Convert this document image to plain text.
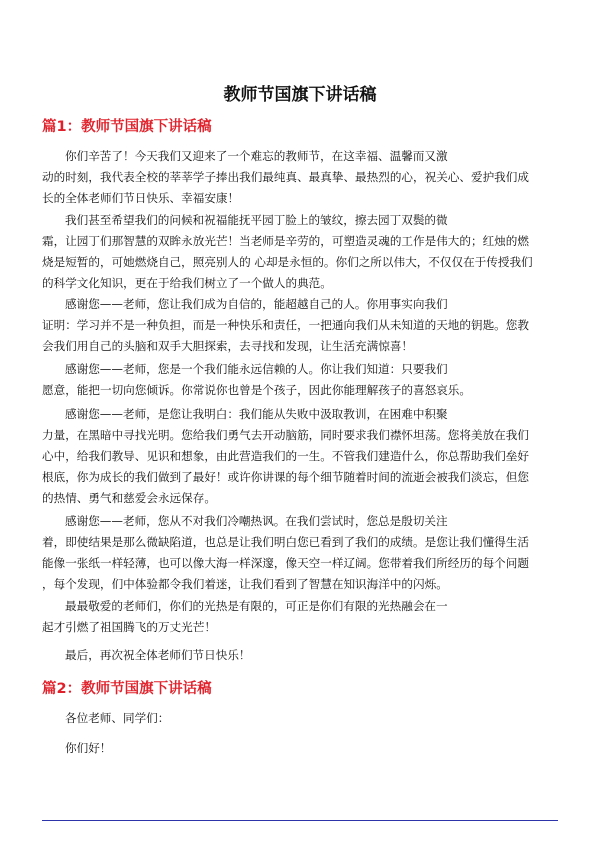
教师节国旗下讲话稿
篇1：教师节国旗下讲话稿
你们辛苦了！今天我们又迎来了一个难忘的教师节，在这幸福、温馨而又激
动的时刻，我代表全校的莘莘学子捧出我们最纯真、最真挚、最热烈的心，祝关心、爱护我们成
长的全体老师们节日快乐、幸福安康！
我们甚至希望我们的问候和祝福能抚平园丁脸上的皱纹，擦去园丁双鬓的微
霜，让园丁们那智慧的双眸永放光芒！当老师是辛劳的，可塑造灵魂的工作是伟大的；红烛的燃
烧是短暂的，可她燃烧自己，照亮别人的 心却是永恒的。你们之所以伟大，不仅仅在于传授我们
的科学文化知识，更在于给我们树立了一个做人的典范。
感谢您——老师，您让我们成为自信的，能超越自己的人。你用事实向我们
证明：学习并不是一种负担，而是一种快乐和责任，一把通向我们从未知道的天地的钥匙。您教
会我们用自己的头脑和双手大胆探索，去寻找和发现，让生活充满惊喜！
感谢您——老师，您是一个我们能永远信赖的人。你让我们知道：只要我们
愿意，能把一切向您倾诉。你常说你也曾是个孩子，因此你能理解孩子的喜怒哀乐。
感谢您——老师，是您让我明白：我们能从失败中汲取教训，在困难中积聚
力量，在黑暗中寻找光明。您给我们勇气去开动脑筋，同时要求我们襟怀坦荡。您将美放在我们
心中，给我们教导、见识和想象，由此营造我们的一生。不管我们建造什么，你总帮助我们垒好
根底，你为成长的我们做到了最好！或许你讲课的每个细节随着时间的流逝会被我们淡忘，但您
的热情、勇气和慈爱会永远保存。
感谢您——老师，您从不对我们冷嘲热讽。在我们尝试时，您总是殷切关注
着，即使结果是那么微缺陷道，也总是让我们明白您已看到了我们的成绩。是您让我们懂得生活
能像一张纸一样轻薄，也可以像大海一样深邃，像天空一样辽阔。您带着我们所经历的每个问题
，每个发现，们中体验都令我们着迷，让我们看到了智慧在知识海洋中的闪烁。
最最敬爱的老师们，你们的光热是有限的，可正是你们有限的光热融会在一
起才引燃了祖国腾飞的万丈光芒！
最后，再次祝全体老师们节日快乐！
篇2：教师节国旗下讲话稿
各位老师、同学们：
你们好！
